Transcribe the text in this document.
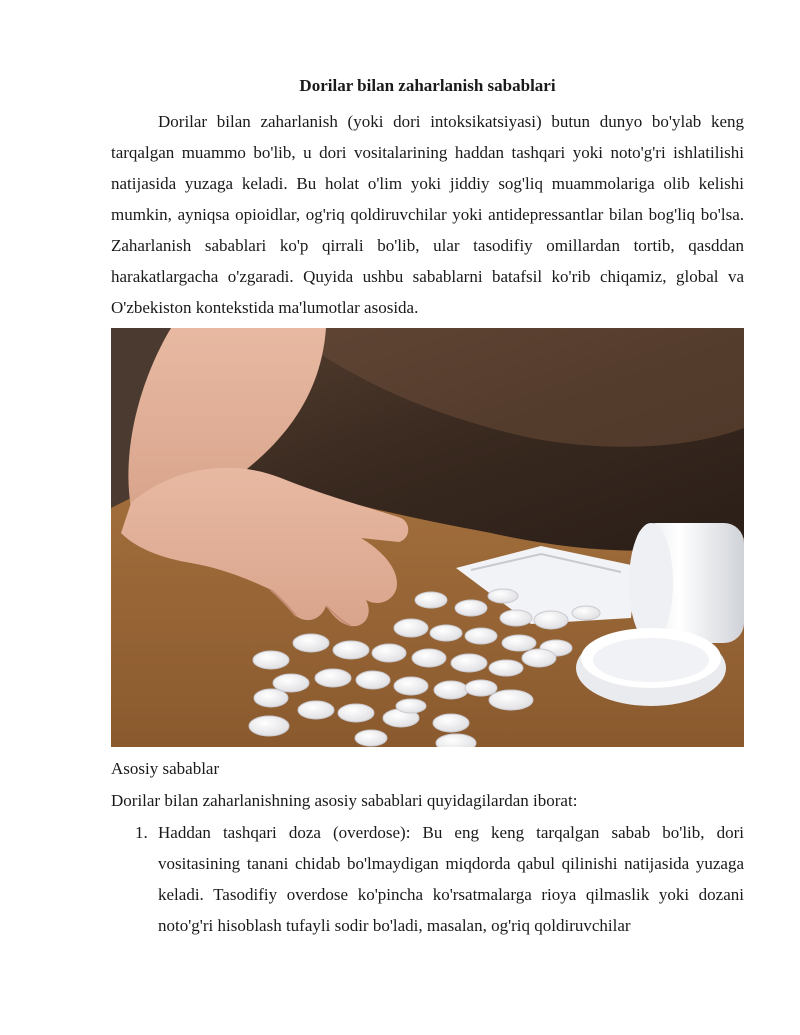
Dorilar bilan zaharlanish sabablari

Dorilar bilan zaharlanish (yoki dori intoksikatsiyasi) butun dunyo bo'ylab keng tarqalgan muammo bo'lib, u dori vositalarining haddan tashqari yoki noto'g'ri ishlatilishi natijasida yuzaga keladi. Bu holat o'lim yoki jiddiy sog'liq muammolariga olib kelishi mumkin, ayniqsa opioidlar, og'riq qoldiruvchilar yoki antidepressantlar bilan bog'liq bo'lsa. Zaharlanish sabablari ko'p qirrali bo'lib, ular tasodifiy omillardan tortib, qasddan harakatlargacha o'zgaradi. Quyida ushbu sabablarni batafsil ko'rib chiqamiz, global va O'zbekiston kontekstida ma'lumotlar asosida.

Asosiy sabablar

Dorilar bilan zaharlanishning asosiy sabablari quyidagilardan iborat:

1. Haddan tashqari doza (overdose): Bu eng keng tarqalgan sabab bo'lib, dori vositasining tanani chidab bo'lmaydigan miqdorda qabul qilinishi natijasida yuzaga keladi. Tasodifiy overdose ko'pincha ko'rsatmalarga rioya qilmaslik yoki dozani noto'g'ri hisoblash tufayli sodir bo'ladi, masalan, og'riq qoldiruvchilar
